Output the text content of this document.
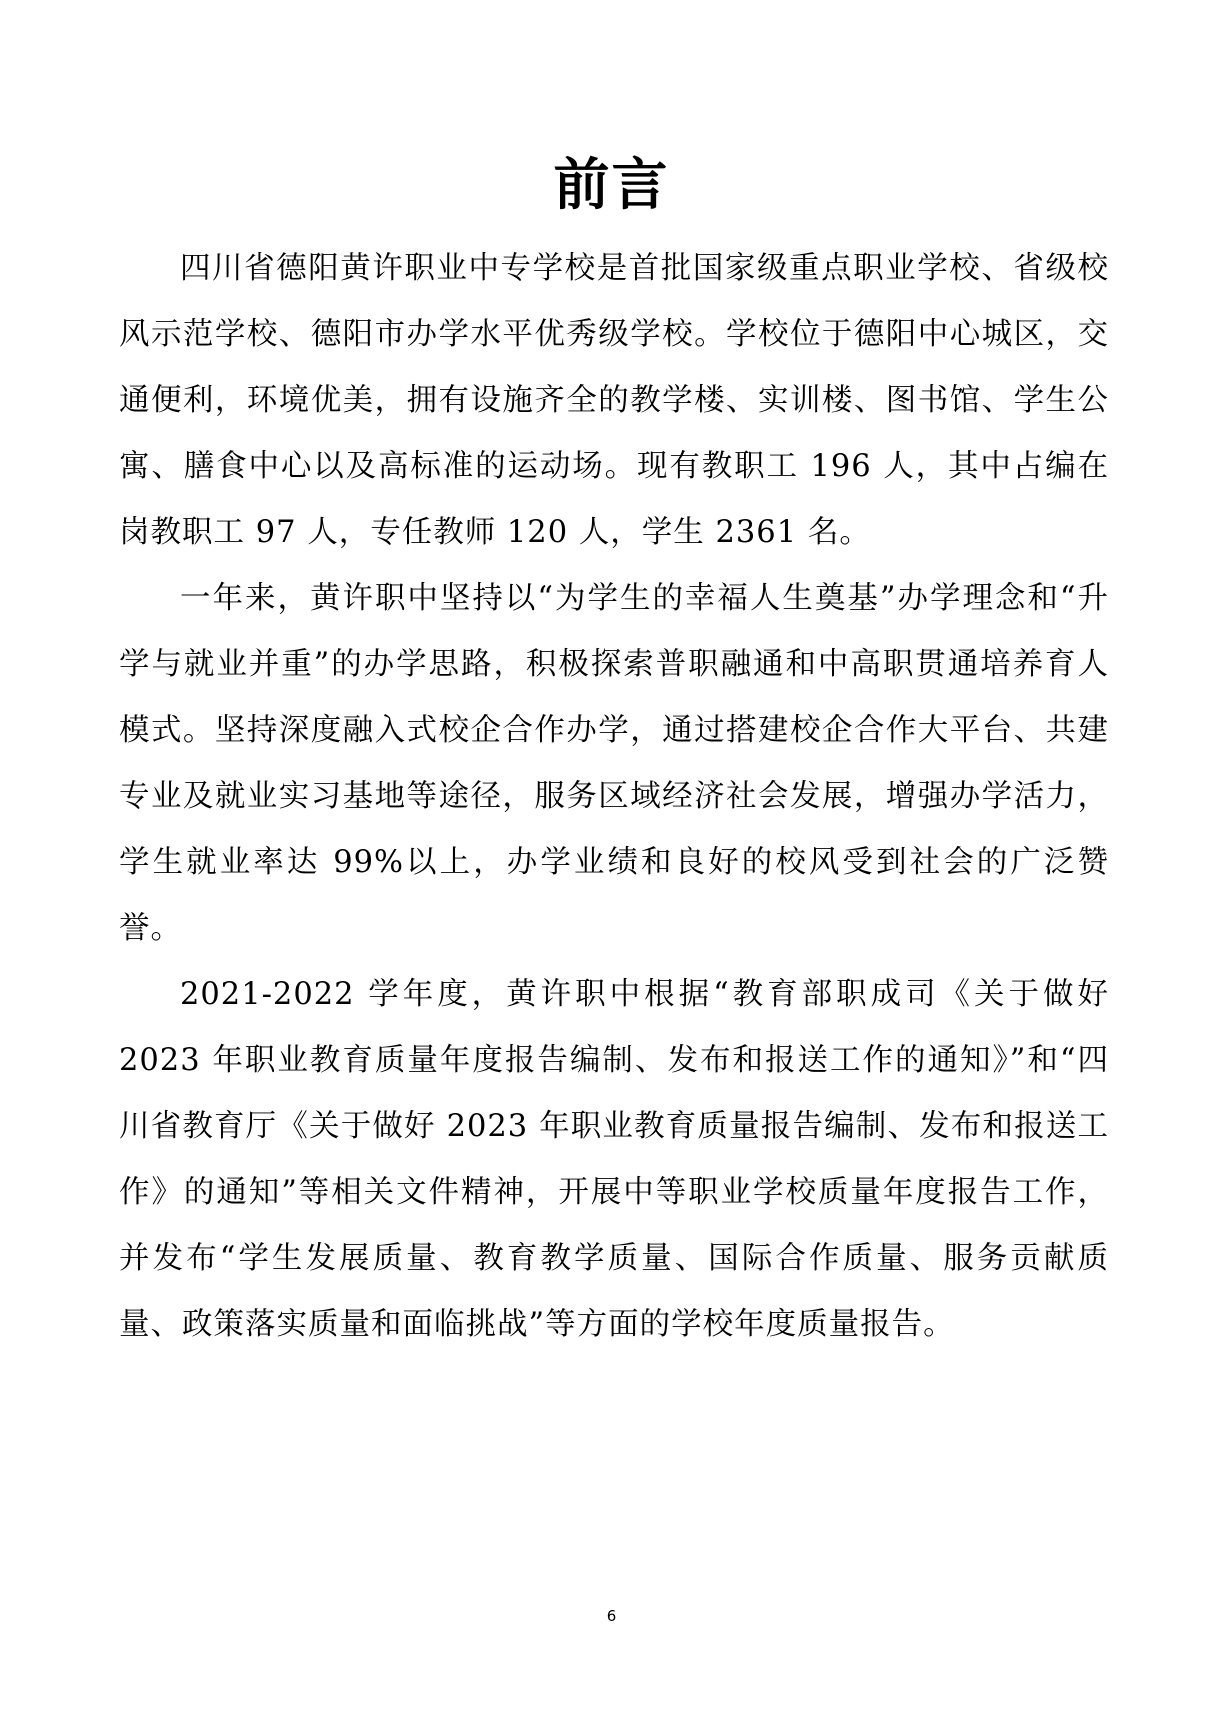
前言

四川省德阳黄许职业中专学校是首批国家级重点职业学校、省级校风示范学校、德阳市办学水平优秀级学校。学校位于德阳中心城区，交通便利，环境优美，拥有设施齐全的教学楼、实训楼、图书馆、学生公寓、膳食中心以及高标准的运动场。现有教职工 196 人，其中占编在岗教职工 97 人，专任教师 120 人，学生 2361 名。

一年来，黄许职中坚持以“为学生的幸福人生奠基”办学理念和“升学与就业并重”的办学思路，积极探索普职融通和中高职贯通培养育人模式。坚持深度融入式校企合作办学，通过搭建校企合作大平台、共建专业及就业实习基地等途径，服务区域经济社会发展，增强办学活力，学生就业率达 99%以上，办学业绩和良好的校风受到社会的广泛赞誉。

2021-2022 学年度，黄许职中根据“教育部职成司《关于做好 2023 年职业教育质量年度报告编制、发布和报送工作的通知》”和“四川省教育厅《关于做好 2023 年职业教育质量报告编制、发布和报送工作》的通知”等相关文件精神，开展中等职业学校质量年度报告工作，并发布“学生发展质量、教育教学质量、国际合作质量、服务贡献质量、政策落实质量和面临挑战”等方面的学校年度质量报告。

6
